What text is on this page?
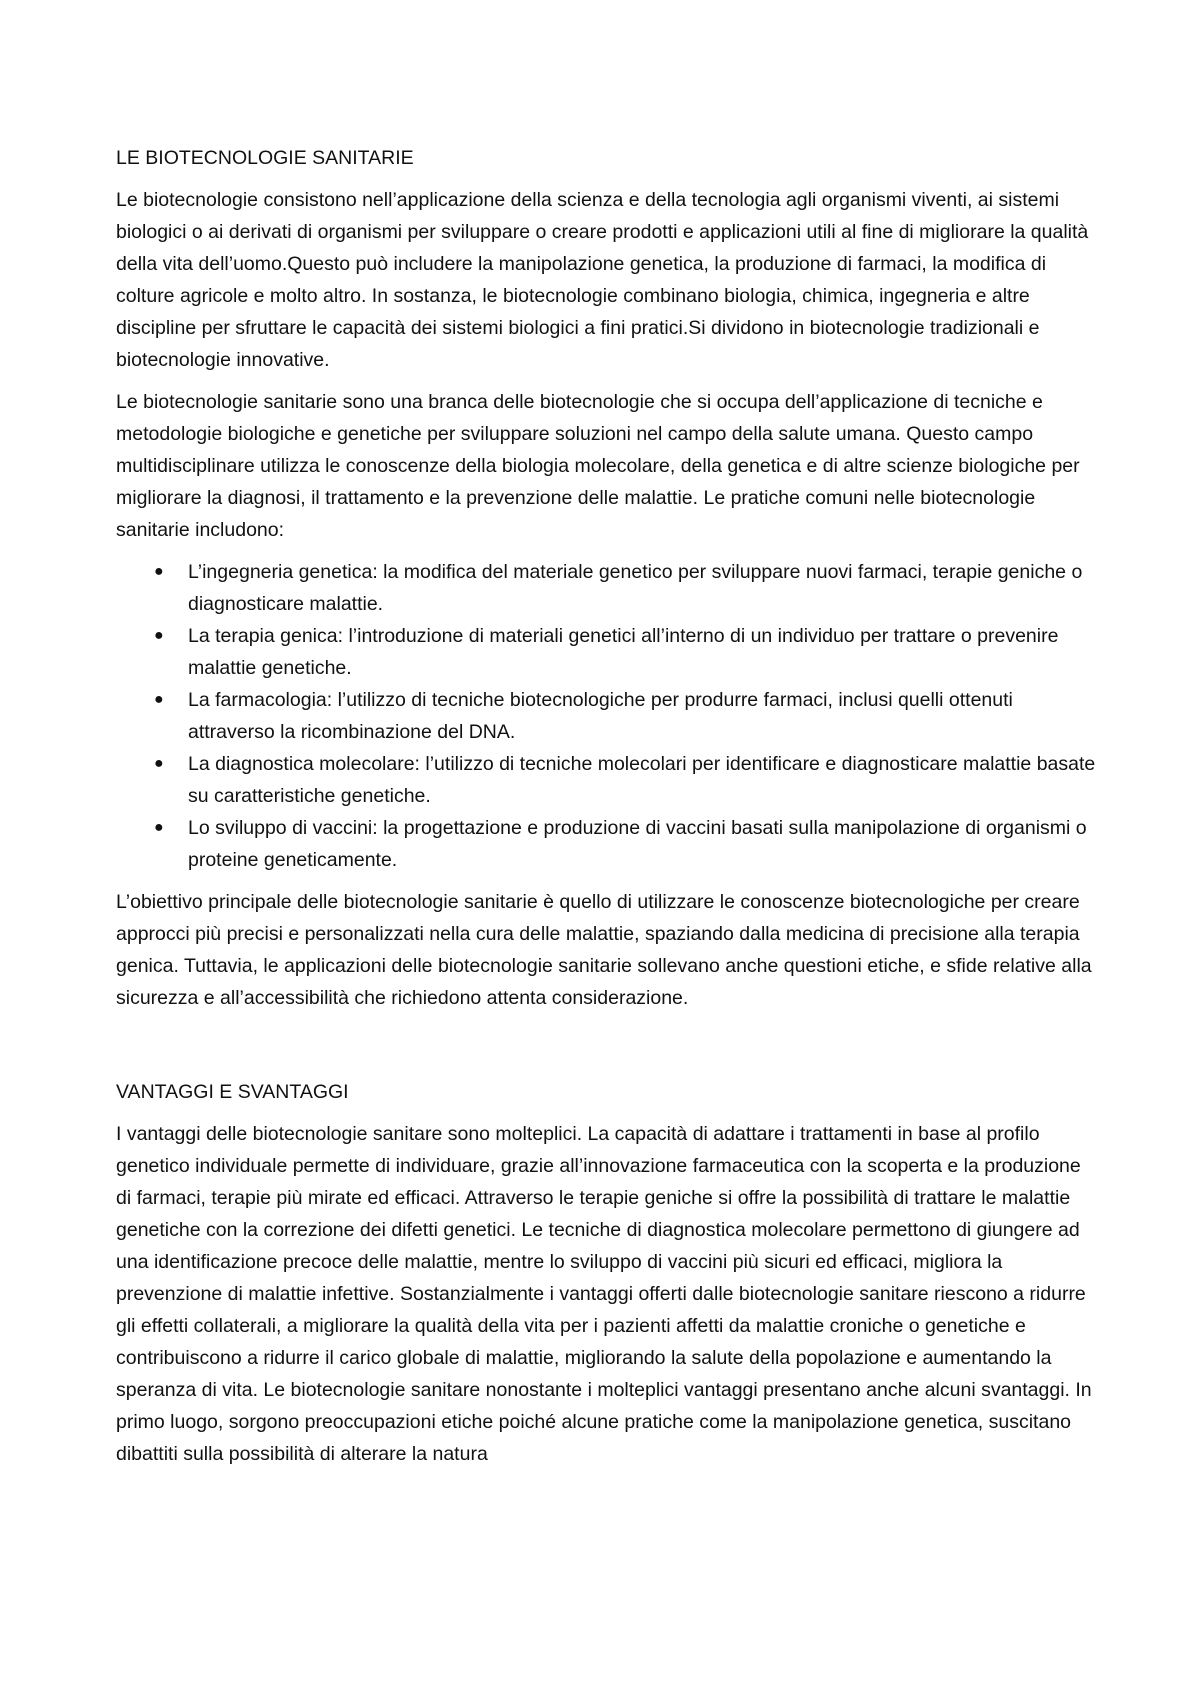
LE BIOTECNOLOGIE SANITARIE

Le biotecnologie consistono nell’applicazione della scienza e della tecnologia agli organismi viventi, ai sistemi biologici o ai derivati di organismi per sviluppare o creare prodotti e applicazioni utili al fine di migliorare la qualità della vita dell’uomo.Questo può includere la manipolazione genetica, la produzione di farmaci, la modifica di colture agricole e molto altro. In sostanza, le biotecnologie combinano biologia, chimica, ingegneria e altre discipline per sfruttare le capacità dei sistemi biologici a fini pratici.Si dividono in biotecnologie tradizionali e biotecnologie innovative.

Le biotecnologie sanitarie sono una branca delle biotecnologie che si occupa dell’applicazione di tecniche e metodologie biologiche e genetiche per sviluppare soluzioni nel campo della salute umana. Questo campo multidisciplinare utilizza le conoscenze della biologia molecolare, della genetica e di altre scienze biologiche per migliorare la diagnosi, il trattamento e la prevenzione delle malattie. Le pratiche comuni nelle biotecnologie sanitarie includono:

● L’ingegneria genetica: la modifica del materiale genetico per sviluppare nuovi farmaci, terapie geniche o diagnosticare malattie.
● La terapia genica: l’introduzione di materiali genetici all’interno di un individuo per trattare o prevenire malattie genetiche.
● La farmacologia: l’utilizzo di tecniche biotecnologiche per produrre farmaci, inclusi quelli ottenuti attraverso la ricombinazione del DNA.
● La diagnostica molecolare: l’utilizzo di tecniche molecolari per identificare e diagnosticare malattie basate su caratteristiche genetiche.
● Lo sviluppo di vaccini: la progettazione e produzione di vaccini basati sulla manipolazione di organismi o proteine geneticamente.

L’obiettivo principale delle biotecnologie sanitarie è quello di utilizzare le conoscenze biotecnologiche per creare approcci più precisi e personalizzati nella cura delle malattie, spaziando dalla medicina di precisione alla terapia genica. Tuttavia, le applicazioni delle biotecnologie sanitarie sollevano anche questioni etiche, e sfide relative alla sicurezza e all’accessibilità che richiedono attenta considerazione.

VANTAGGI E SVANTAGGI

I vantaggi delle biotecnologie sanitare sono molteplici. La capacità di adattare i trattamenti in base al profilo genetico individuale permette di individuare, grazie all’innovazione farmaceutica con la scoperta e la produzione di farmaci, terapie più mirate ed efficaci. Attraverso le terapie geniche si offre la possibilità di trattare le malattie genetiche con la correzione dei difetti genetici. Le tecniche di diagnostica molecolare permettono di giungere ad una identificazione precoce delle malattie, mentre lo sviluppo di vaccini più sicuri ed efficaci, migliora la prevenzione di malattie infettive. Sostanzialmente i vantaggi offerti dalle biotecnologie sanitare riescono a ridurre gli effetti collaterali, a migliorare la qualità della vita per i pazienti affetti da malattie croniche o genetiche e contribuiscono a ridurre il carico globale di malattie, migliorando la salute della popolazione e aumentando la speranza di vita. Le biotecnologie sanitare nonostante i molteplici vantaggi presentano anche alcuni svantaggi. In primo luogo, sorgono preoccupazioni etiche poiché alcune pratiche come la manipolazione genetica, suscitano dibattiti sulla possibilità di alterare la natura
